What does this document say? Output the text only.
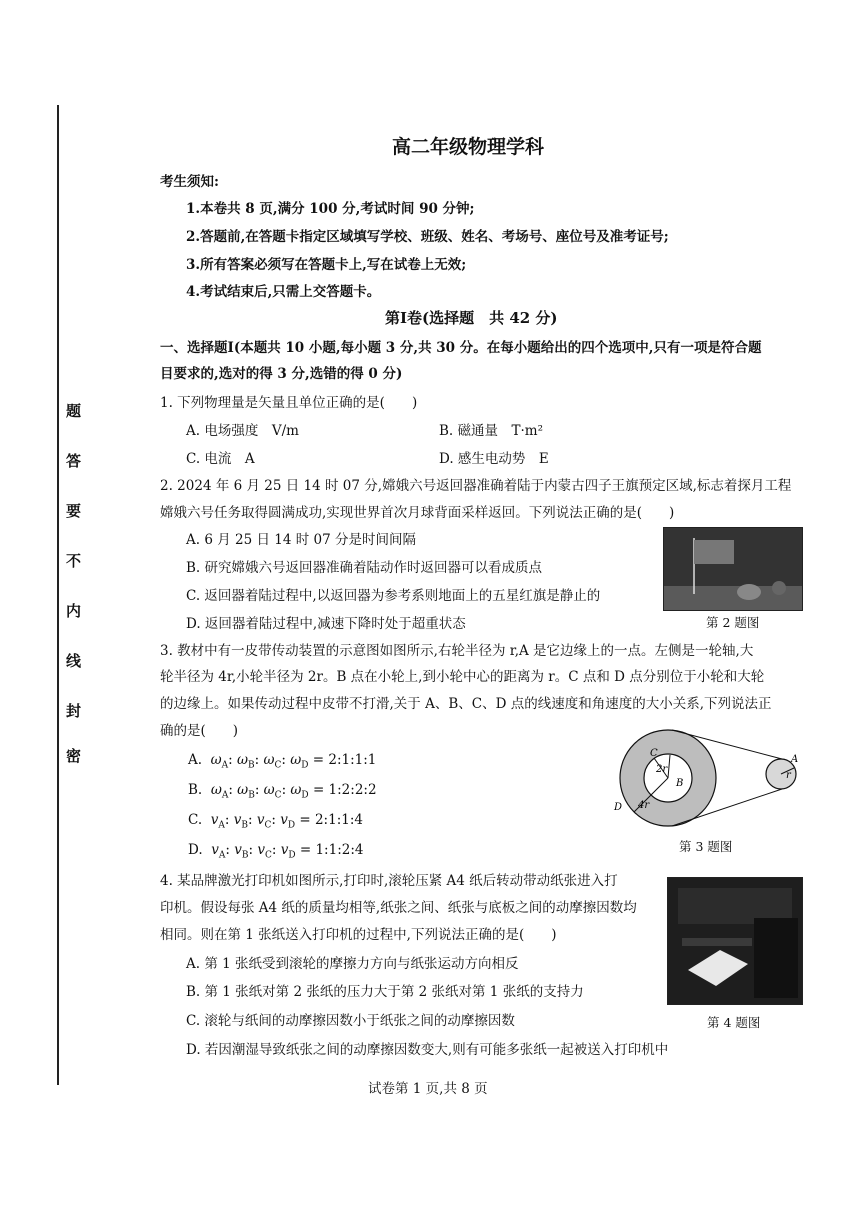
题
答
要
不
内
线
封
密
高二年级物理学科
考生须知:
1.本卷共 8 页,满分 100 分,考试时间 90 分钟;
2.答题前,在答题卡指定区域填写学校、班级、姓名、考场号、座位号及准考证号;
3.所有答案必须写在答题卡上,写在试卷上无效;
4.考试结束后,只需上交答题卡。
第Ⅰ卷(选择题　共 42 分)
一、选择题Ⅰ(本题共 10 小题,每小题 3 分,共 30 分。在每小题给出的四个选项中,只有一项是符合题
目要求的,选对的得 3 分,选错的得 0 分)
1. 下列物理量是矢量且单位正确的是(　　)
A. 电场强度　V/m	B. 磁通量　T·m²
C. 电流　A	D. 感生电动势　E
2. 2024 年 6 月 25 日 14 时 07 分,嫦娥六号返回器准确着陆于内蒙古四子王旗预定区域,标志着探月工程
嫦娥六号任务取得圆满成功,实现世界首次月球背面采样返回。下列说法正确的是(　　)
A. 6 月 25 日 14 时 07 分是时间间隔
B. 研究嫦娥六号返回器准确着陆动作时返回器可以看成质点
C. 返回器着陆过程中,以返回器为参考系则地面上的五星红旗是静止的
D. 返回器着陆过程中,减速下降时处于超重状态	第 2 题图
3. 教材中有一皮带传动装置的示意图如图所示,右轮半径为 r,A 是它边缘上的一点。左侧是一轮轴,大
轮半径为 4r,小轮半径为 2r。B 点在小轮上,到小轮中心的距离为 r。C 点和 D 点分别位于小轮和大轮
的边缘上。如果传动过程中皮带不打滑,关于 A、B、C、D 点的线速度和角速度的大小关系,下列说法正
确的是(　　)
A. $\omega_A$: $\omega_B$: $\omega_C$: $\omega_D$ = 2:1:1:1
B. $\omega_A$: $\omega_B$: $\omega_C$: $\omega_D$ = 1:2:2:2
C. $v_A$: $v_B$: $v_C$: $v_D$ = 2:1:1:4
D. $v_A$: $v_B$: $v_C$: $v_D$ = 1:1:2:4
C
2r
B
D 4r
A
r
第 3 题图
4. 某品牌激光打印机如图所示,打印时,滚轮压紧 A4 纸后转动带动纸张进入打
印机。假设每张 A4 纸的质量均相等,纸张之间、纸张与底板之间的动摩擦因数均
相同。则在第 1 张纸送入打印机的过程中,下列说法正确的是(　　)
A. 第 1 张纸受到滚轮的摩擦力方向与纸张运动方向相反
B. 第 1 张纸对第 2 张纸的压力大于第 2 张纸对第 1 张纸的支持力
C. 滚轮与纸间的动摩擦因数小于纸张之间的动摩擦因数
D. 若因潮湿导致纸张之间的动摩擦因数变大,则有可能多张纸一起被送入打印机中
第 4 题图
试卷第 1 页,共 8 页
